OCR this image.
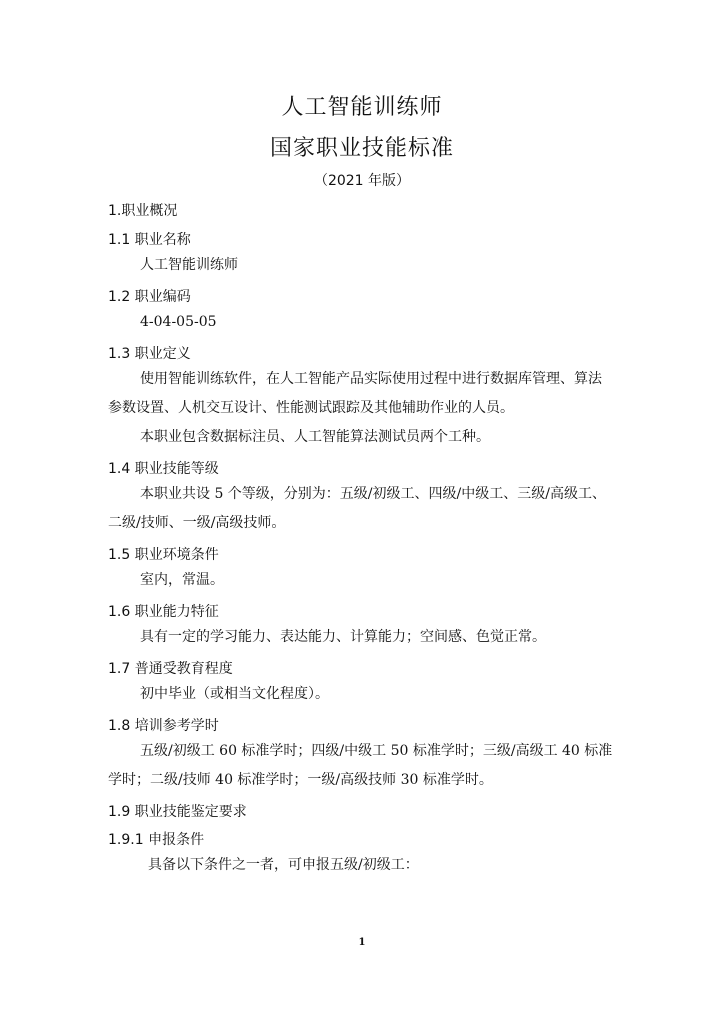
人工智能训练师
国家职业技能标准
（2021 年版）
1.职业概况
1.1 职业名称
人工智能训练师
1.2 职业编码
4-04-05-05
1.3 职业定义
使用智能训练软件，在人工智能产品实际使用过程中进行数据库管理、算法
参数设置、人机交互设计、性能测试跟踪及其他辅助作业的人员。
本职业包含数据标注员、人工智能算法测试员两个工种。
1.4 职业技能等级
本职业共设 5 个等级，分别为：五级/初级工、四级/中级工、三级/高级工、
二级/技师、一级/高级技师。
1.5 职业环境条件
室内，常温。
1.6 职业能力特征
具有一定的学习能力、表达能力、计算能力；空间感、色觉正常。
1.7 普通受教育程度
初中毕业（或相当文化程度）。
1.8 培训参考学时
五级/初级工 60 标准学时；四级/中级工 50 标准学时；三级/高级工 40 标准
学时；二级/技师 40 标准学时；一级/高级技师 30 标准学时。
1.9 职业技能鉴定要求
1.9.1 申报条件
具备以下条件之一者，可申报五级/初级工：
1
